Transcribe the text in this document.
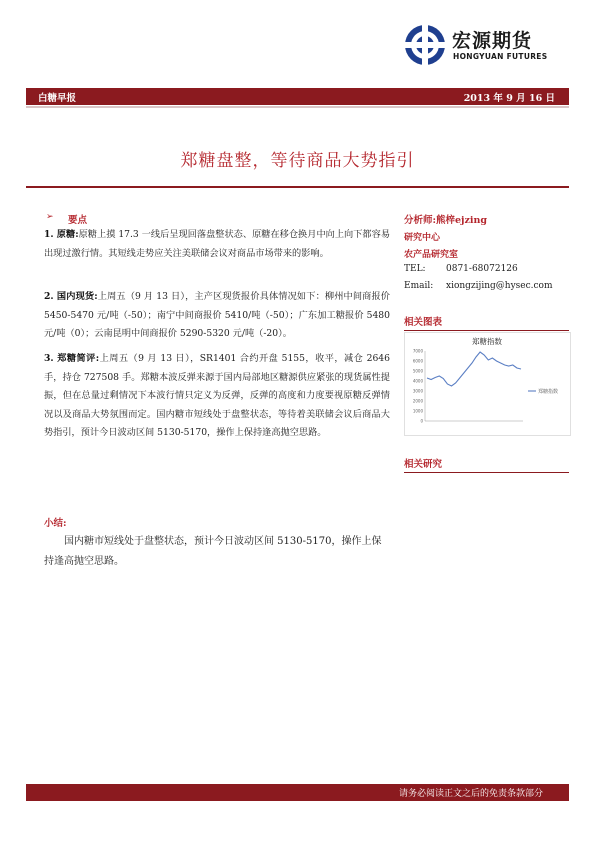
宏源期货
HONGYUAN FUTURES
白糖早报	2013 年 9 月 16 日
郑糖盘整，等待商品大势指引
➢ 要点
1. 原糖:原糖上摸 17.3 一线后呈现回落盘整状态、原糖在移仓换月中向上向下都容易出现过激行情。其短线走势应关注美联储会议对商品市场带来的影响。
2. 国内现货:上周五（9 月 13 日），主产区现货报价具体情况如下：柳州中间商报价 5450-5470 元/吨（-50）；南宁中间商报价 5410/吨（-50）；广东加工糖报价 5480 元/吨（0）；云南昆明中间商报价 5290-5320 元/吨（-20）。
3. 郑糖简评:上周五（9 月 13 日），SR1401 合约开盘 5155，收平，减仓 2646 手，持仓 727508 手。郑糖本波反弹来源于国内局部地区糖源供应紧张的现货属性提振，但在总量过剩情况下本波行情只定义为反弹，反弹的高度和力度要视原糖反弹情况以及商品大势氛围而定。国内糖市短线处于盘整状态，等待着美联储会议后商品大势指引，预计今日波动区间 5130-5170，操作上保持逢高抛空思路。
小结:
国内糖市短线处于盘整状态，预计今日波动区间 5130-5170，操作上保持逢高抛空思路。
分析师:熊梓ejzing
研究中心
农产品研究室
TEL: 0871-68072126
Email: xiongzijing@hysec.com
相关图表
郑糖指数
0
1000
2000
3000
4000
5000
6000
7000
郑糖指数
相关研究
请务必阅读正文之后的免责条款部分
